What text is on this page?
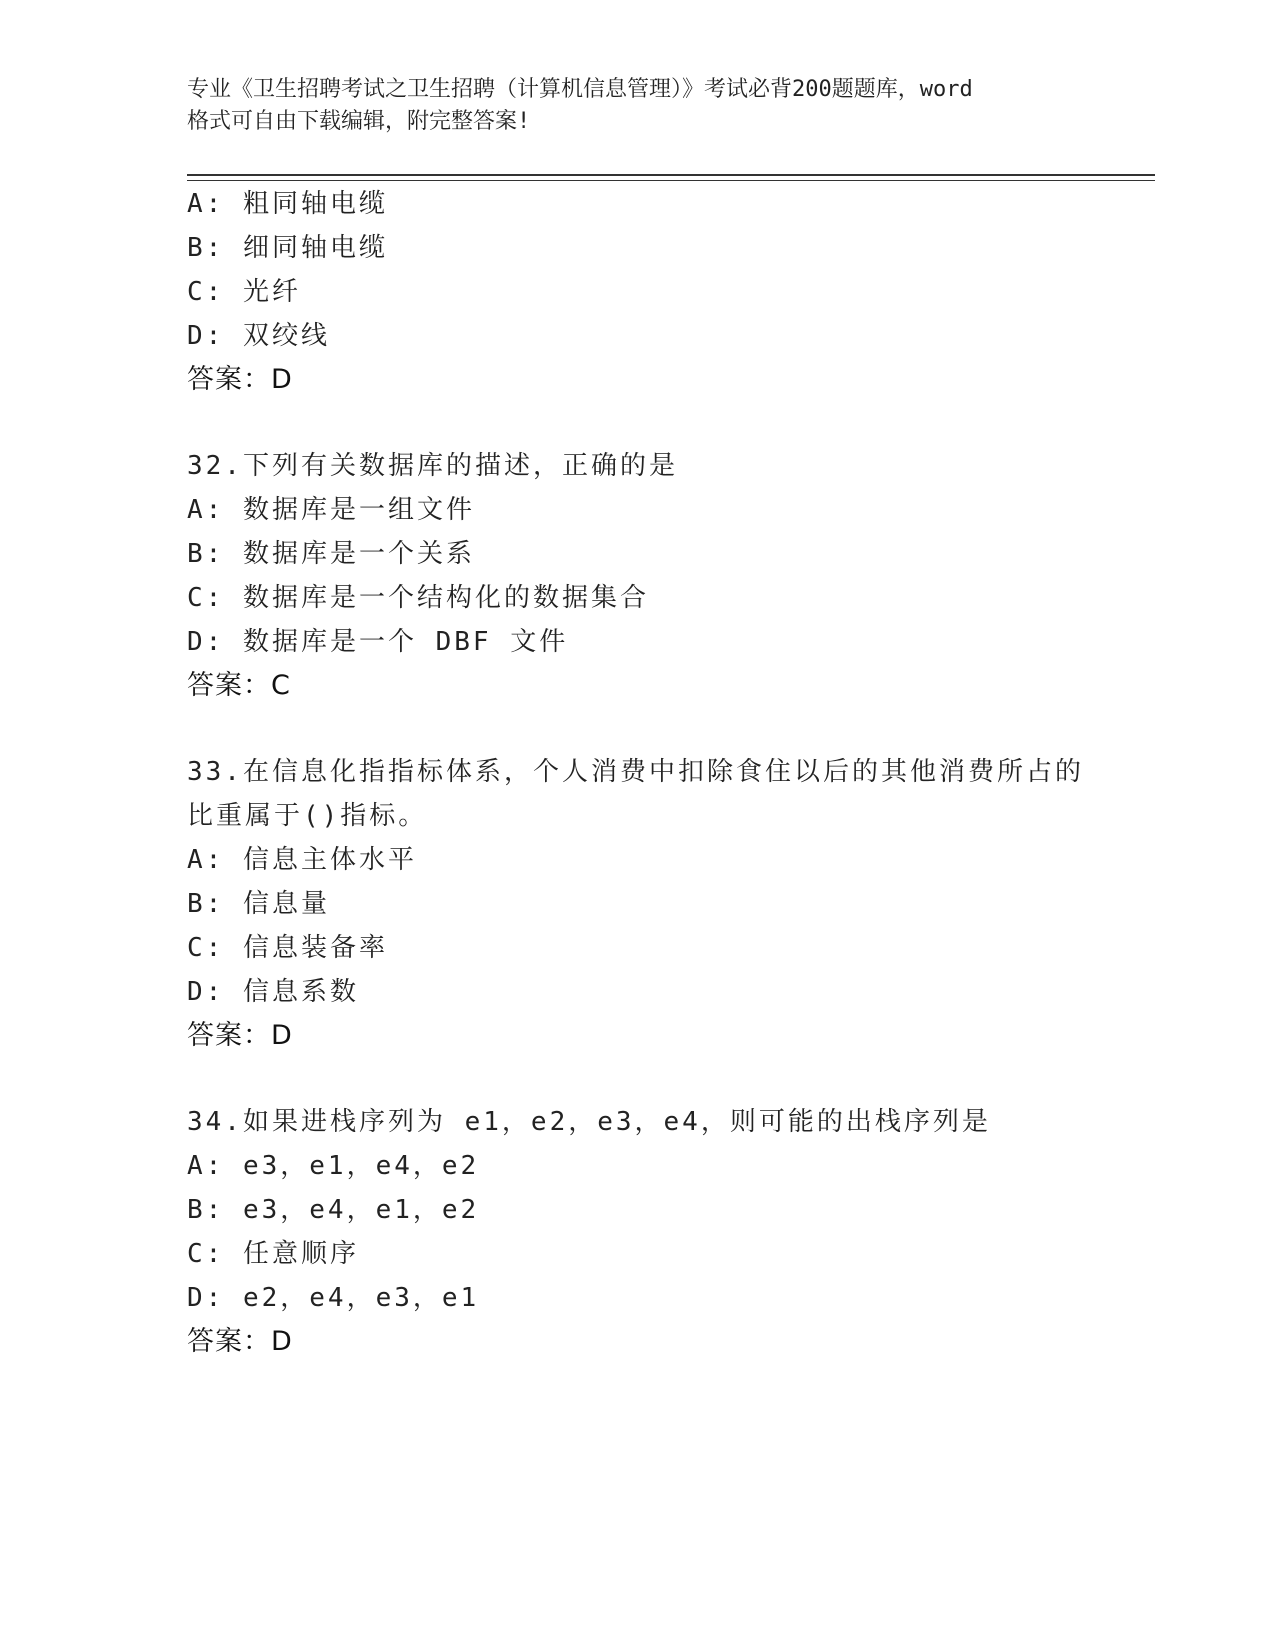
专业《卫生招聘考试之卫生招聘（计算机信息管理）》考试必背200题题库，word
格式可自由下载编辑，附完整答案!
A: 粗同轴电缆
B: 细同轴电缆
C: 光纤
D: 双绞线
答案：D
32.下列有关数据库的描述，正确的是
A: 数据库是一组文件
B: 数据库是一个关系
C: 数据库是一个结构化的数据集合
D: 数据库是一个 DBF 文件
答案：C
33.在信息化指指标体系，个人消费中扣除食住以后的其他消费所占的
比重属于()指标。
A: 信息主体水平
B: 信息量
C: 信息装备率
D: 信息系数
答案：D
34.如果进栈序列为 e1，e2，e3，e4，则可能的出栈序列是
A: e3，e1，e4，e2
B: e3，e4，e1，e2
C: 任意顺序
D: e2，e4，e3，e1
答案：D
